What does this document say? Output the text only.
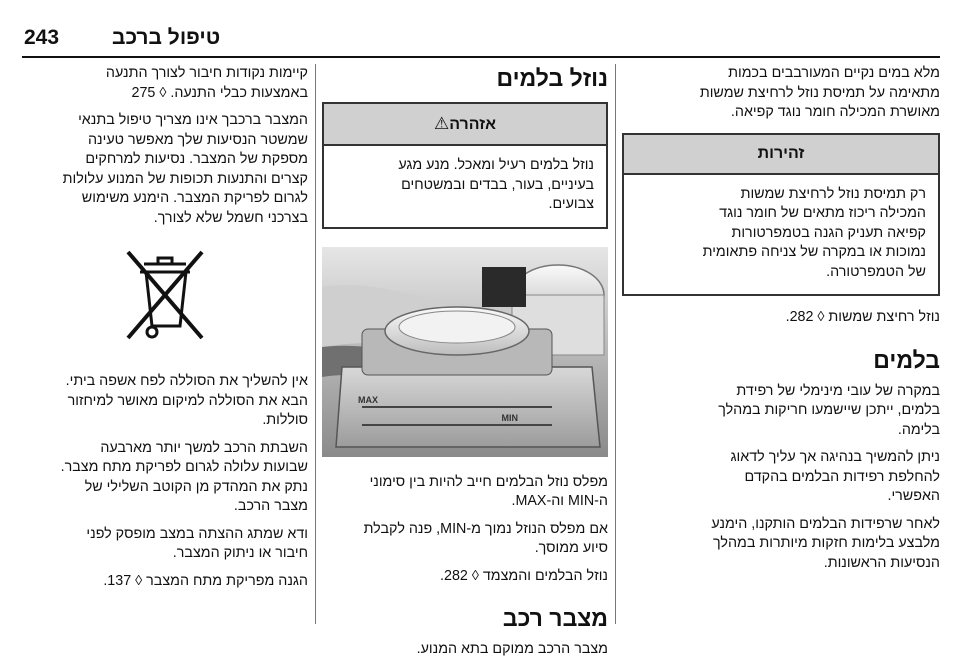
243	טיפול ברכב

מלא במים נקיים המעורבבים בכמות
מתאימה על תמיסת נוזל לרחיצת שמשות
מאושרת המכילה חומר נוגד קפיאה.

זהירות
רק תמיסת נוזל לרחיצת שמשות
המכילה ריכוז מתאים של חומר נוגד
קפיאה תעניק הגנה בטמפרטורות
נמוכות או במקרה של צניחה פתאומית
של הטמפרטורה.

נוזל רחיצת שמשות ◊ 282.

בלמים

במקרה של עובי מינימלי של רפידת
בלמים, ייתכן שיישמעו חריקות במהלך
בלימה.

ניתן להמשיך בנהיגה אך עליך לדאוג
להחלפת רפידות הבלמים בהקדם
האפשרי.

לאחר שרפידות הבלמים הותקנו, הימנע
מלבצע בלימות חזקות מיותרות במהלך
הנסיעות הראשונות.

נוזל בלמים
אזהרה⚠
נוזל בלמים רעיל ומאכל. מנע מגע
בעיניים, בעור, בבדים ובמשטחים
צבועים.
MAX
MIN

מפלס נוזל הבלמים חייב להיות בין סימוני
ה-MIN וה-MAX.

אם מפלס הנוזל נמוך מ-MIN, פנה לקבלת
סיוע ממוסך.

נוזל הבלמים והמצמד ◊ 282.

מצבר רכב

מצבר הרכב ממוקם בתא המנוע.

קיימות נקודות חיבור לצורך התנעה
באמצעות כבלי התנעה. ◊ 275

המצבר ברכבך אינו מצריך טיפול בתנאי
שמשטר הנסיעות שלך מאפשר טעינה
מספקת של המצבר. נסיעות למרחקים
קצרים והתנעות תכופות של המנוע עלולות
לגרום לפריקת המצבר. הימנע משימוש
בצרכני חשמל שלא לצורך.

אין להשליך את הסוללה לפח אשפה ביתי.
הבא את הסוללה למיקום מאושר למיחזור
סוללות.

השבתת הרכב למשך יותר מארבעה
שבועות עלולה לגרום לפריקת מתח מצבר.
נתק את המהדק מן הקוטב השלילי של
מצבר הרכב.

ודא שמתג ההצתה במצב מופסק לפני
חיבור או ניתוק המצבר.

הגנה מפריקת מתח המצבר ◊ 137.
